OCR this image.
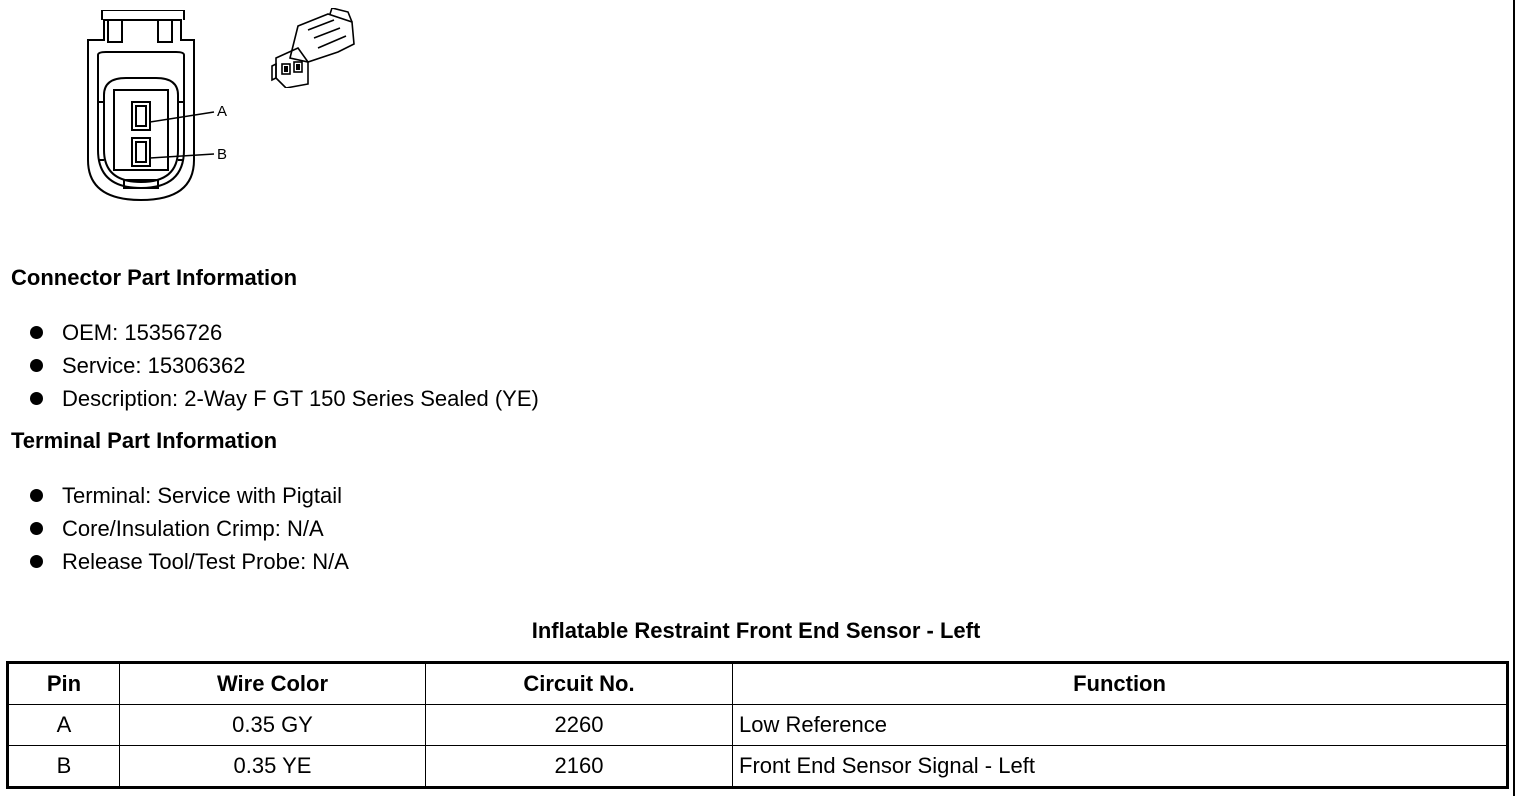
A
B
Connector Part Information
OEM: 15356726
Service: 15306362
Description: 2-Way F GT 150 Series Sealed (YE)
Terminal Part Information
Terminal: Service with Pigtail
Core/Insulation Crimp: N/A
Release Tool/Test Probe: N/A
Inflatable Restraint Front End Sensor - Left
Pin	Wire Color	Circuit No.	Function
A	0.35 GY	2260	Low Reference
B	0.35 YE	2160	Front End Sensor Signal - Left
